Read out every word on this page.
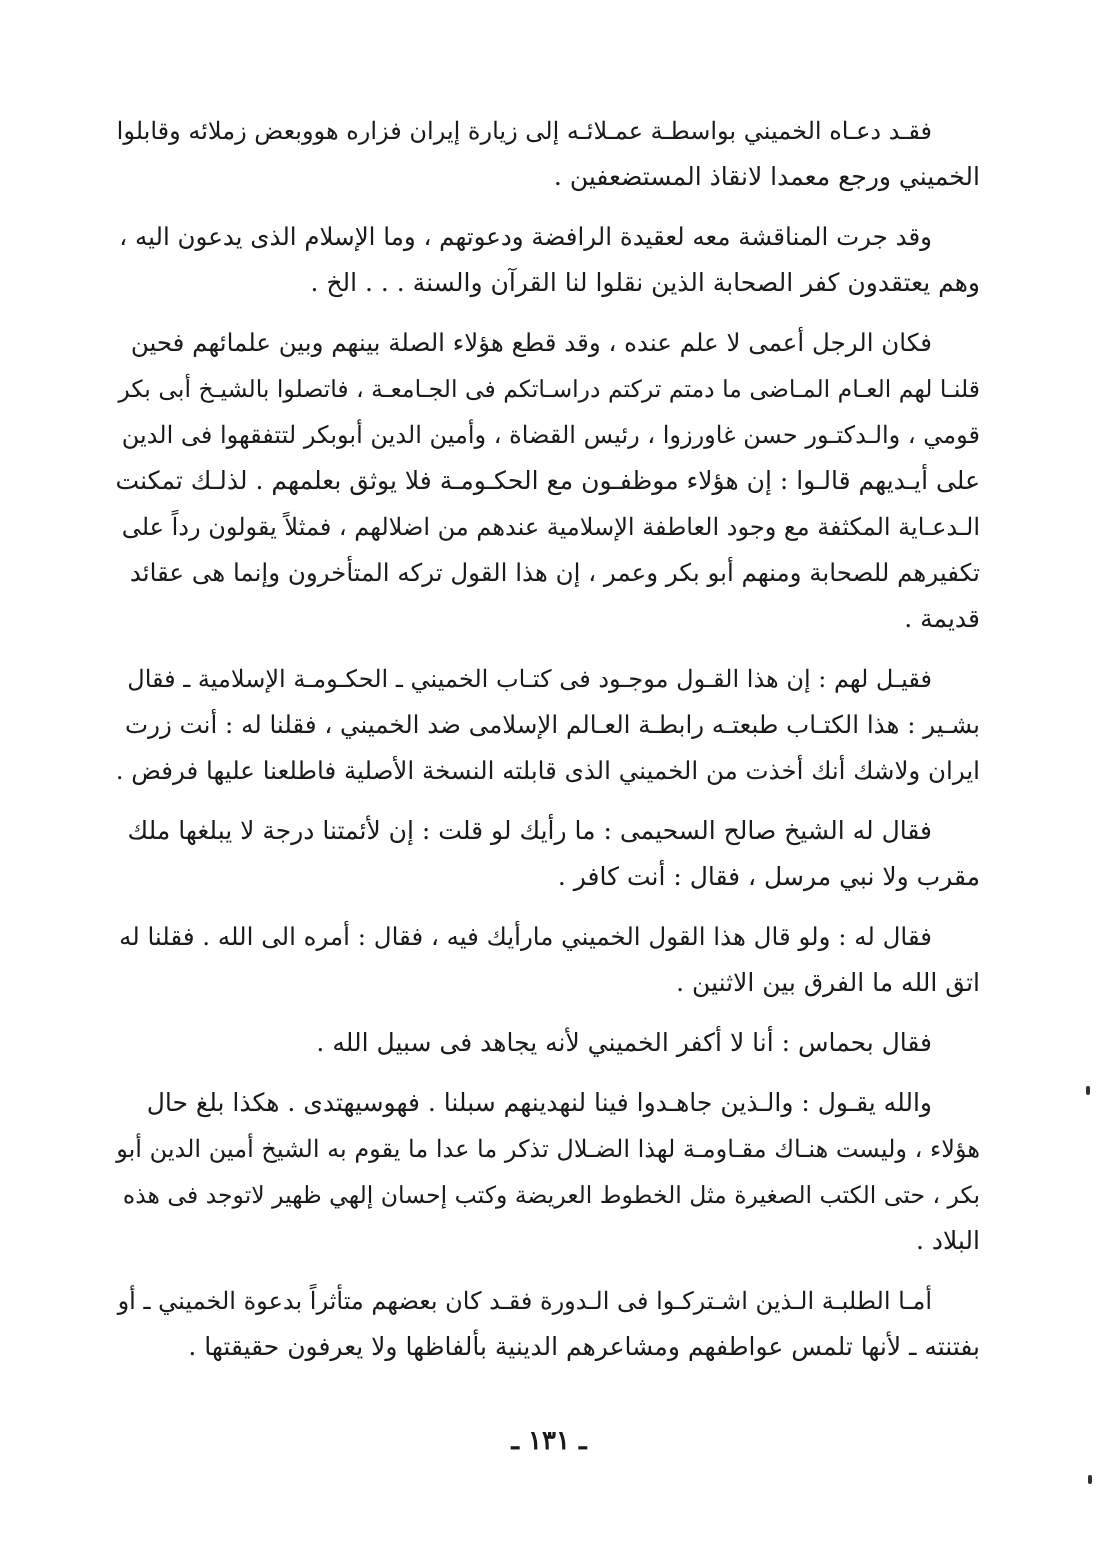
فقـد دعـاه الخميني بواسطـة عمـلائـه إلى زيارة إيران فزاره هووبعض زملائه وقابلوا
الخميني ورجع معمدا لانقاذ المستضعفين .
وقد جرت المناقشة معه لعقيدة الرافضة ودعوتهم ، وما الإسلام الذى يدعون اليه ،
وهم يعتقدون كفر الصحابة الذين نقلوا لنا القرآن والسنة . . . الخ .
فكان الرجل أعمى لا علم عنده ، وقد قطع هؤلاء الصلة بينهم وبين علمائهم فحين
قلنـا لهم العـام المـاضى ما دمتم تركتم دراسـاتكم فى الجـامعـة ، فاتصلوا بالشيـخ أبى بكر
قومي ، والـدكتـور حسن غاورزوا ، رئيس القضاة ، وأمين الدين أبوبكر لتتفقهوا فى الدين
على أيـديهم قالـوا : إن هؤلاء موظفـون مع الحكـومـة فلا يوثق بعلمهم . لذلـك تمكنت
الـدعـاية المكثفة مع وجود العاطفة الإسلامية عندهم من اضلالهم ، فمثلاً يقولون رداً على
تكفيرهم للصحابة ومنهم أبو بكر وعمر ، إن هذا القول تركه المتأخرون وإنما هى عقائد
قديمة .
فقيـل لهم : إن هذا القـول موجـود فى كتـاب الخميني ـ الحكـومـة الإسلامية ـ فقال
بشـير : هذا الكتـاب طبعتـه رابطـة العـالم الإسلامى ضد الخميني ، فقلنا له : أنت زرت
ايران ولاشك أنك أخذت من الخميني الذى قابلته النسخة الأصلية فاطلعنا عليها فرفض .
فقال له الشيخ صالح السحيمى : ما رأيك لو قلت : إن لأئمتنا درجة لا يبلغها ملك
مقرب ولا نبي مرسل ، فقال : أنت كافر .
فقال له : ولو قال هذا القول الخميني مارأيك فيه ، فقال : أمره الى الله . فقلنا له
اتق الله ما الفرق بين الاثنين .
فقال بحماس : أنا لا أكفر الخميني لأنه يجاهد فى سبيل الله .
والله يقـول : والـذين جاهـدوا فينا لنهدينهم سبلنا . فهوسيهتدى . هكذا بلغ حال
هؤلاء ، وليست هنـاك مقـاومـة لهذا الضـلال تذكر ما عدا ما يقوم به الشيخ أمين الدين أبو
بكر ، حتى الكتب الصغيرة مثل الخطوط العريضة وكتب إحسان إلهي ظهير لاتوجد فى هذه
البلاد .
أمـا الطلبـة الـذين اشـتركـوا فى الـدورة فقـد كان بعضهم متأثراً بدعوة الخميني ـ أو
بفتنته ـ لأنها تلمس عواطفهم ومشاعرهم الدينية بألفاظها ولا يعرفون حقيقتها .
ـ ١٣١ ـ
